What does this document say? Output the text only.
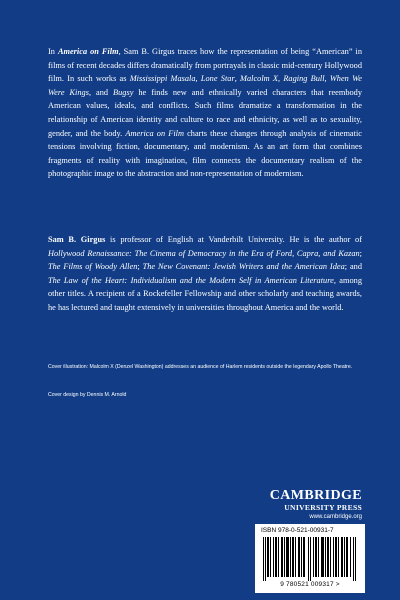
In America on Film, Sam B. Girgus traces how the representation of being “American” in films of recent decades differs dramatically from portrayals in classic mid-century Hollywood film. In such works as Mississippi Masala, Lone Star, Malcolm X, Raging Bull, When We Were Kings, and Bugsy he finds new and ethnically varied characters that reembody American values, ideals, and conflicts. Such films dramatize a transformation in the relationship of American identity and culture to race and ethnicity, as well as to sexuality, gender, and the body. America on Film charts these changes through analysis of cinematic tensions involving fiction, documentary, and modernism. As an art form that combines fragments of reality with imagination, film connects the documentary realism of the photographic image to the abstraction and non-representation of modernism.
Sam B. Girgus is professor of English at Vanderbilt University. He is the author of Hollywood Renaissance: The Cinema of Democracy in the Era of Ford, Capra, and Kazan; The Films of Woody Allen; The New Covenant: Jewish Writers and the American Idea; and The Law of the Heart: Individualism and the Modern Self in American Literature, among other titles. A recipient of a Rockefeller Fellowship and other scholarly and teaching awards, he has lectured and taught extensively in universities throughout America and the world.
Cover illustration: Malcolm X (Denzel Washington) addresses an audience of Harlem residents outside the legendary Apollo Theatre.
Cover design by Dennis M. Arnold
CAMBRIDGE
UNIVERSITY PRESS
www.cambridge.org
ISBN 978-0-521-00931-7
9 780521 009317 >
